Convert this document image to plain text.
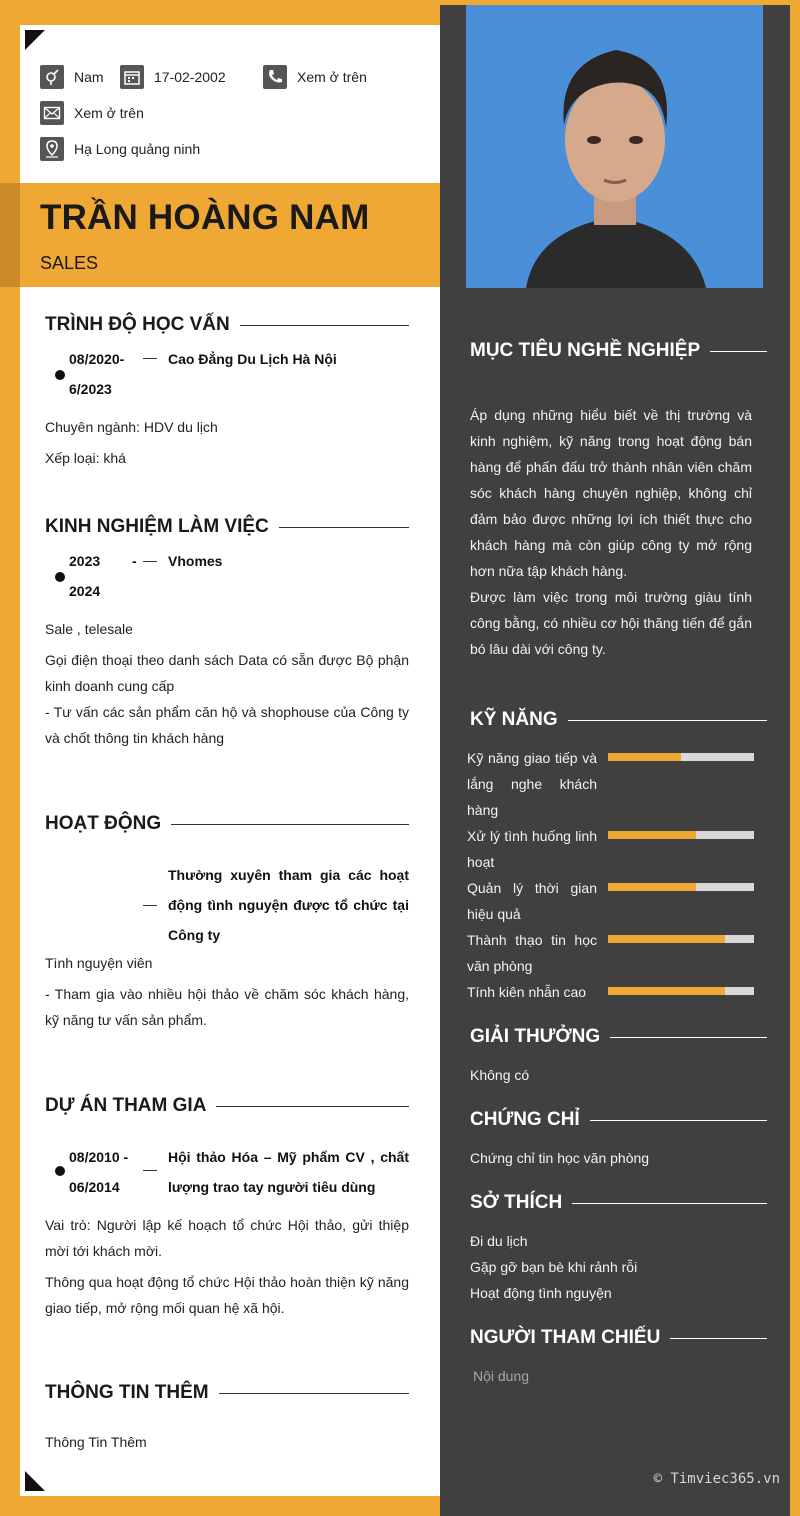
Nam	17-02-2002	Xem ở trên
Xem ở trên
Hạ Long quảng ninh
TRẦN HOÀNG NAM
SALES
TRÌNH ĐỘ HỌC VẤN
08/2020-
6/2023
Cao Đẳng Du Lịch Hà Nội
Chuyên ngành: HDV du lịch
Xếp loại: khá
KINH NGHIỆM LÀM VIỆC
2023 -
2024
Vhomes
Sale , telesale
Gọi điện thoại theo danh sách Data có sẵn được Bộ phận kinh doanh cung cấp
- Tư vấn các sản phẩm căn hộ và shophouse của Công ty và chốt thông tin khách hàng
HOẠT ĐỘNG
Thường xuyên tham gia các hoạt động tình nguyện được tổ chức tại Công ty
Tình nguyện viên
- Tham gia vào nhiều hội thảo về chăm sóc khách hàng, kỹ năng tư vấn sản phẩm.
DỰ ÁN THAM GIA
08/2010 -
06/2014
Hội thảo Hóa – Mỹ phẩm CV , chất lượng trao tay người tiêu dùng
Vai trò: Người lập kế hoạch tổ chức Hội thảo, gửi thiệp mời tới khách mời.
Thông qua hoạt động tổ chức Hội thảo hoàn thiện kỹ năng giao tiếp, mở rộng mối quan hệ xã hội.
THÔNG TIN THÊM
Thông Tin Thêm
MỤC TIÊU NGHỀ NGHIỆP
Áp dụng những hiểu biết về thị trường và kinh nghiệm, kỹ năng trong hoạt động bán hàng để phấn đấu trở thành nhân viên chăm sóc khách hàng chuyên nghiệp, không chỉ đảm bảo được những lợi ích thiết thực cho khách hàng mà còn giúp công ty mở rộng hơn nữa tập khách hàng.
Được làm việc trong môi trường giàu tính công bằng, có nhiều cơ hội thăng tiến để gắn bó lâu dài với công ty.
KỸ NĂNG
Kỹ năng giao tiếp và lắng nghe khách hàng
Xử lý tình huống linh hoạt
Quản lý thời gian hiệu quả
Thành thạo tin học văn phòng
Tính kiên nhẫn cao
GIẢI THƯỞNG
Không có
CHỨNG CHỈ
Chứng chỉ tin học văn phòng
SỞ THÍCH
Đi du lịch
Gặp gỡ bạn bè khi rảnh rỗi
Hoạt động tình nguyện
NGƯỜI THAM CHIẾU
Nội dung
© Timviec365.vn
